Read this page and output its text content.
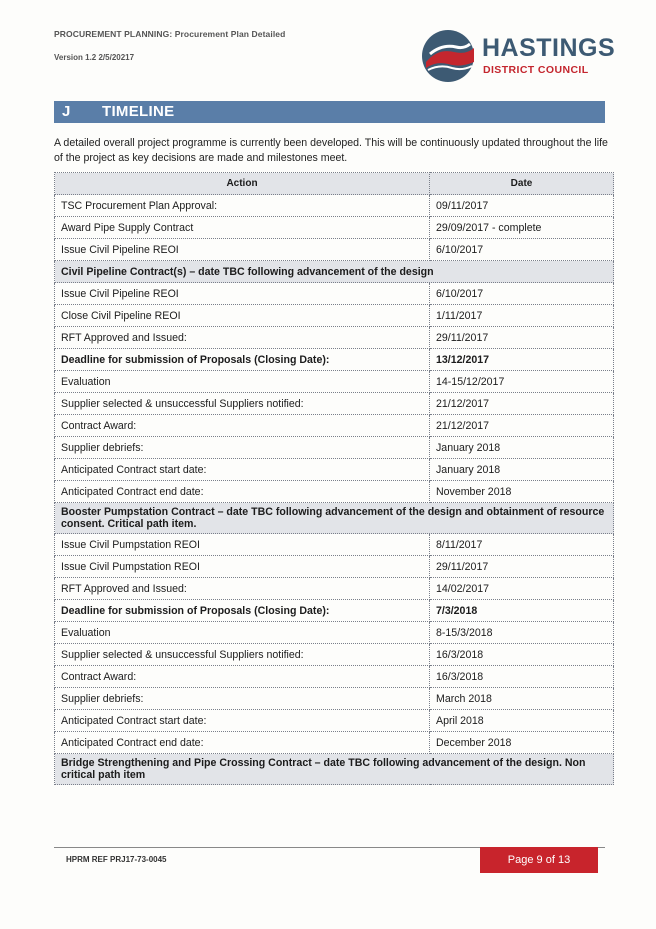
PROCUREMENT PLANNING: Procurement Plan Detailed
Version 1.2 2/5/20217	HASTINGS
DISTRICT COUNCIL
J TIMELINE
A detailed overall project programme is currently been developed. This will be continuously updated throughout the life of the project as key decisions are made and milestones meet.
Action	Date
TSC Procurement Plan Approval:	09/11/2017
Award Pipe Supply Contract	29/09/2017 - complete
Issue Civil Pipeline REOI	6/10/2017
Civil Pipeline Contract(s) – date TBC following advancement of the design	
Issue Civil Pipeline REOI	6/10/2017
Close Civil Pipeline REOI	1/11/2017
RFT Approved and Issued:	29/11/2017
Deadline for submission of Proposals (Closing Date):	13/12/2017
Evaluation	14-15/12/2017
Supplier selected & unsuccessful Suppliers notified:	21/12/2017
Contract Award:	21/12/2017
Supplier debriefs:	January 2018
Anticipated Contract start date:	January 2018
Anticipated Contract end date:	November 2018
Booster Pumpstation Contract – date TBC following advancement of the design and obtainment of resource consent. Critical path item.	
Issue Civil Pumpstation REOI	8/11/2017
Issue Civil Pumpstation REOI	29/11/2017
RFT Approved and Issued:	14/02/2017
Deadline for submission of Proposals (Closing Date):	7/3/2018
Evaluation	8-15/3/2018
Supplier selected & unsuccessful Suppliers notified:	16/3/2018
Contract Award:	16/3/2018
Supplier debriefs:	March 2018
Anticipated Contract start date:	April 2018
Anticipated Contract end date:	December 2018
Bridge Strengthening and Pipe Crossing Contract – date TBC following advancement of the design. Non critical path item	
HPRM REF PRJ17-73-0045	Page 9 of 13
